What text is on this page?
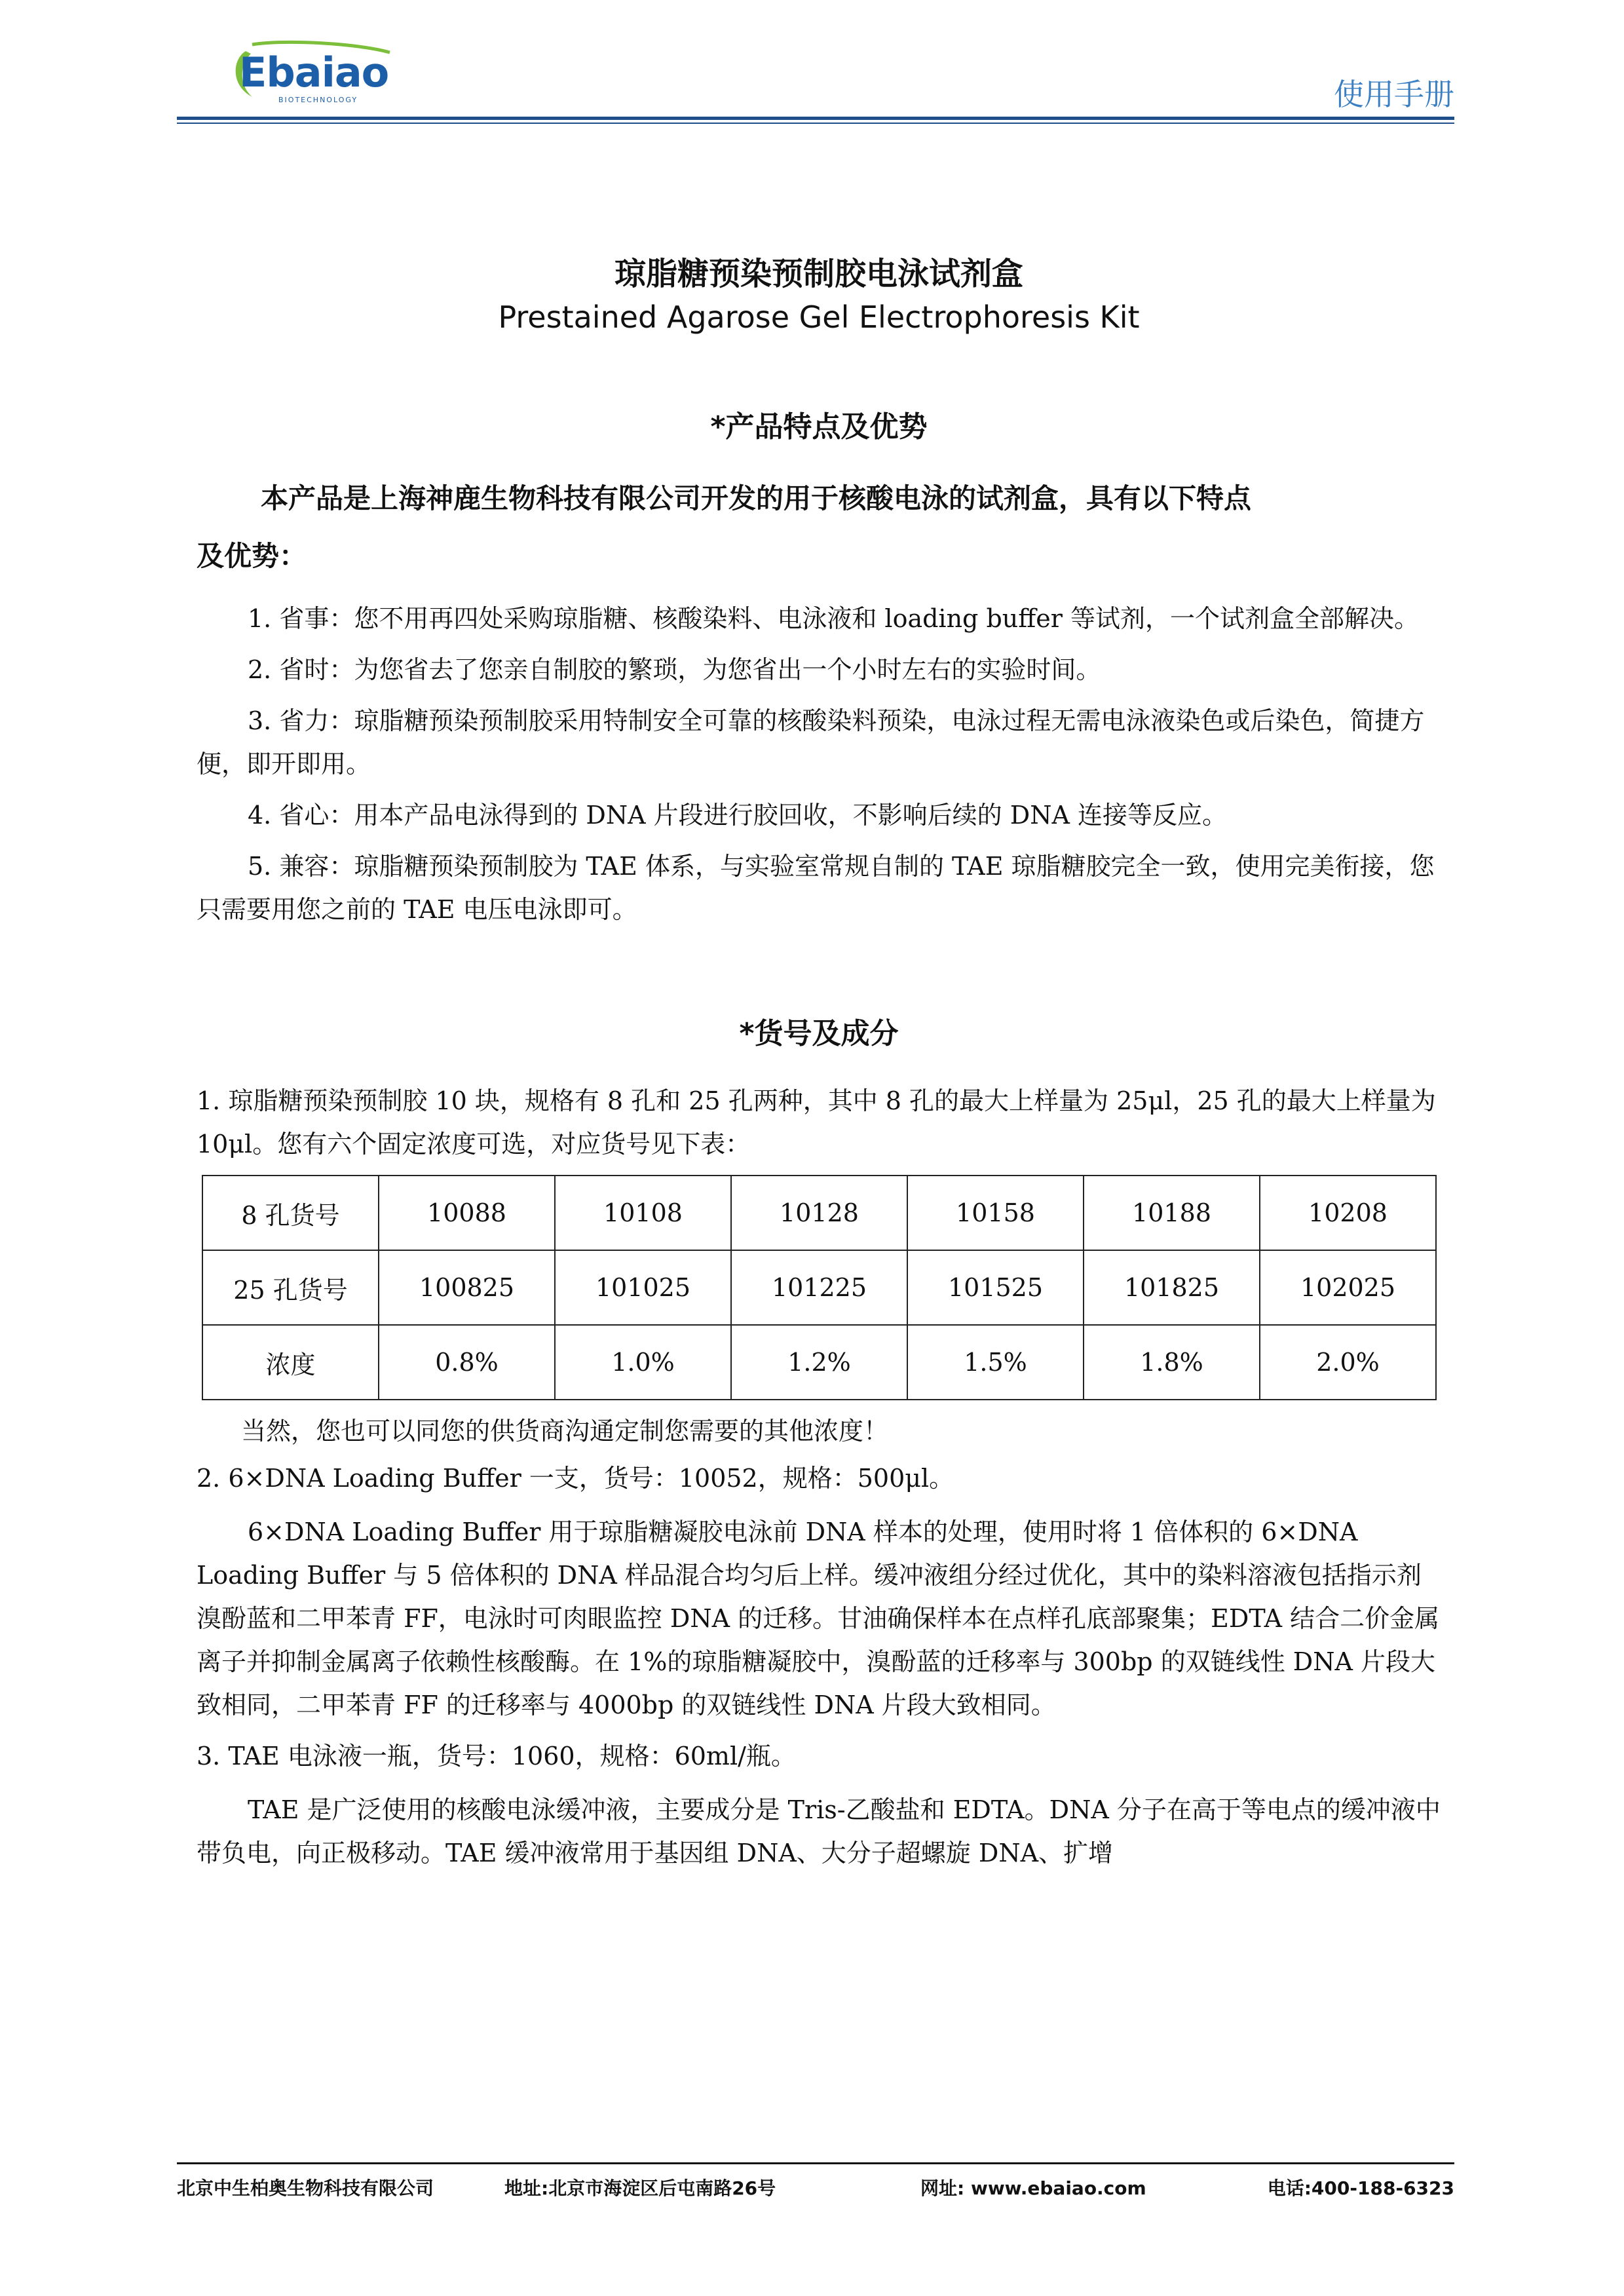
Ebaiao
BIOTECHNOLOGY	使用手册

琼脂糖预染预制胶电泳试剂盒

Prestained Agarose Gel Electrophoresis Kit

*产品特点及优势

本产品是上海神鹿生物科技有限公司开发的用于核酸电泳的试剂盒，具有以下特点

及优势：

1. 省事：您不用再四处采购琼脂糖、核酸染料、电泳液和 loading buffer 等试剂，一个试剂盒全部解决。

2. 省时：为您省去了您亲自制胶的繁琐，为您省出一个小时左右的实验时间。

3. 省力：琼脂糖预染预制胶采用特制安全可靠的核酸染料预染，电泳过程无需电泳液染色或后染色，简捷方便，即开即用。

4. 省心：用本产品电泳得到的 DNA 片段进行胶回收，不影响后续的 DNA 连接等反应。

5. 兼容：琼脂糖预染预制胶为 TAE 体系，与实验室常规自制的 TAE 琼脂糖胶完全一致，使用完美衔接，您只需要用您之前的 TAE 电压电泳即可。

*货号及成分

1. 琼脂糖预染预制胶 10 块，规格有 8 孔和 25 孔两种，其中 8 孔的最大上样量为 25μl，25 孔的最大上样量为 10μl。您有六个固定浓度可选，对应货号见下表：

8 孔货号	10088	10108	10128	10158	10188	10208
25 孔货号	100825	101025	101225	101525	101825	102025
浓度	0.8%	1.0%	1.2%	1.5%	1.8%	2.0%

当然，您也可以同您的供货商沟通定制您需要的其他浓度！

2. 6×DNA Loading Buffer 一支，货号：10052，规格：500μl。

6×DNA Loading Buffer 用于琼脂糖凝胶电泳前 DNA 样本的处理，使用时将 1 倍体积的 6×DNA Loading Buffer 与 5 倍体积的 DNA 样品混合均匀后上样。缓冲液组分经过优化，其中的染料溶液包括指示剂溴酚蓝和二甲苯青 FF，电泳时可肉眼监控 DNA 的迁移。甘油确保样本在点样孔底部聚集；EDTA 结合二价金属离子并抑制金属离子依赖性核酸酶。在 1%的琼脂糖凝胶中，溴酚蓝的迁移率与 300bp 的双链线性 DNA 片段大致相同，二甲苯青 FF 的迁移率与 4000bp 的双链线性 DNA 片段大致相同。

3. TAE 电泳液一瓶，货号：1060，规格：60ml/瓶。

TAE 是广泛使用的核酸电泳缓冲液，主要成分是 Tris-乙酸盐和 EDTA。DNA 分子在高于等电点的缓冲液中带负电，向正极移动。TAE 缓冲液常用于基因组 DNA、大分子超螺旋 DNA、扩增

北京中生柏奥生物科技有限公司	地址:北京市海淀区后屯南路26号	网址: www.ebaiao.com	电话:400-188-6323
